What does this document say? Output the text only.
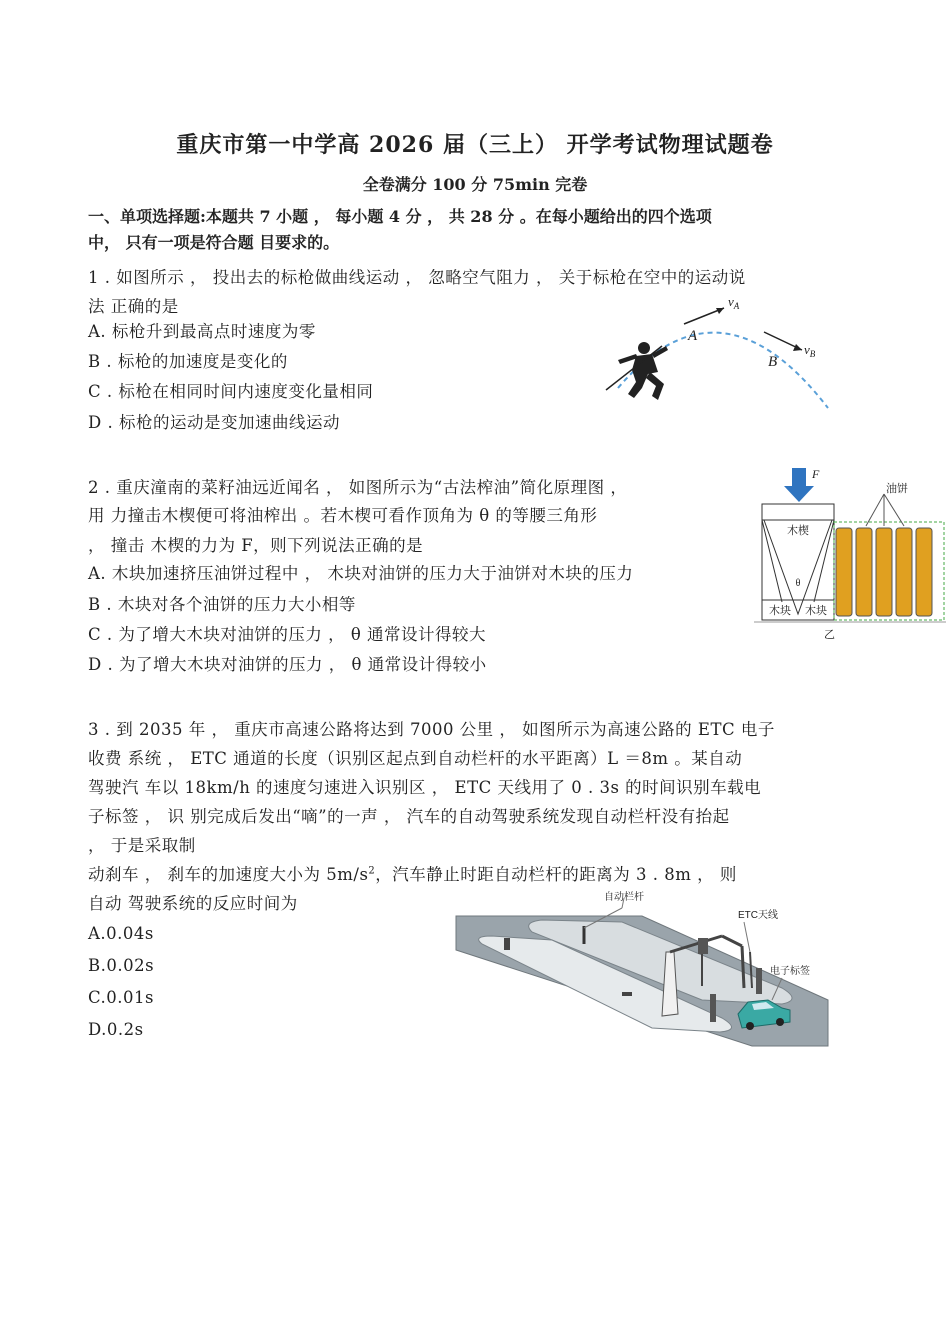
重庆市第一中学高 2026 届（三上） 开学考试物理试题卷
全卷满分 100 分 75min 完卷
一、单项选择题:本题共 7 小题 ， 每小题 4 分 ， 共 28 分 。在每小题给出的四个选项
中， 只有一项是符合题 目要求的。
1 . 如图所示 ， 投出去的标枪做曲线运动 ， 忽略空气阻力 ， 关于标枪在空中的运动说
法 正确的是
A. 标枪升到最高点时速度为零
B . 标枪的加速度是变化的
C . 标枪在相同时间内速度变化量相同
D . 标枪的运动是变加速曲线运动
A
B
$v_A$
$v_B$
2 . 重庆潼南的菜籽油远近闻名 ， 如图所示为“古法榨油”简化原理图 ，
用 力撞击木楔便可将油榨出 。若木楔可看作顶角为 θ 的等腰三角形
， 撞击 木楔的力为 F，则下列说法正确的是
A. 木块加速挤压油饼过程中 ， 木块对油饼的压力大于油饼对木块的压力
B . 木块对各个油饼的压力大小相等
C . 为了增大木块对油饼的压力 ， θ 通常设计得较大
D . 为了增大木块对油饼的压力 ， θ 通常设计得较小
F
木楔
θ
木块 木块
油饼
乙
3 . 到 2035 年 ， 重庆市高速公路将达到 7000 公里 ， 如图所示为高速公路的 ETC 电子
收费 系统 ， ETC 通道的长度（识别区起点到自动栏杆的水平距离）L ＝8m 。某自动
驾驶汽 车以 18km/h 的速度匀速进入识别区 ， ETC 天线用了 0 . 3s 的时间识别车载电
子标签 ， 识 别完成后发出“嘀”的一声 ， 汽车的自动驾驶系统发现自动栏杆没有抬起
， 于是采取制
动刹车 ， 刹车的加速度大小为 $5m/s^2$，汽车静止时距自动栏杆的距离为 3 . 8m ， 则
自动 驾驶系统的反应时间为
A.0.04s
B.0.02s
C.0.01s
D.0.2s
自动栏杆
ETC天线
电子标签
